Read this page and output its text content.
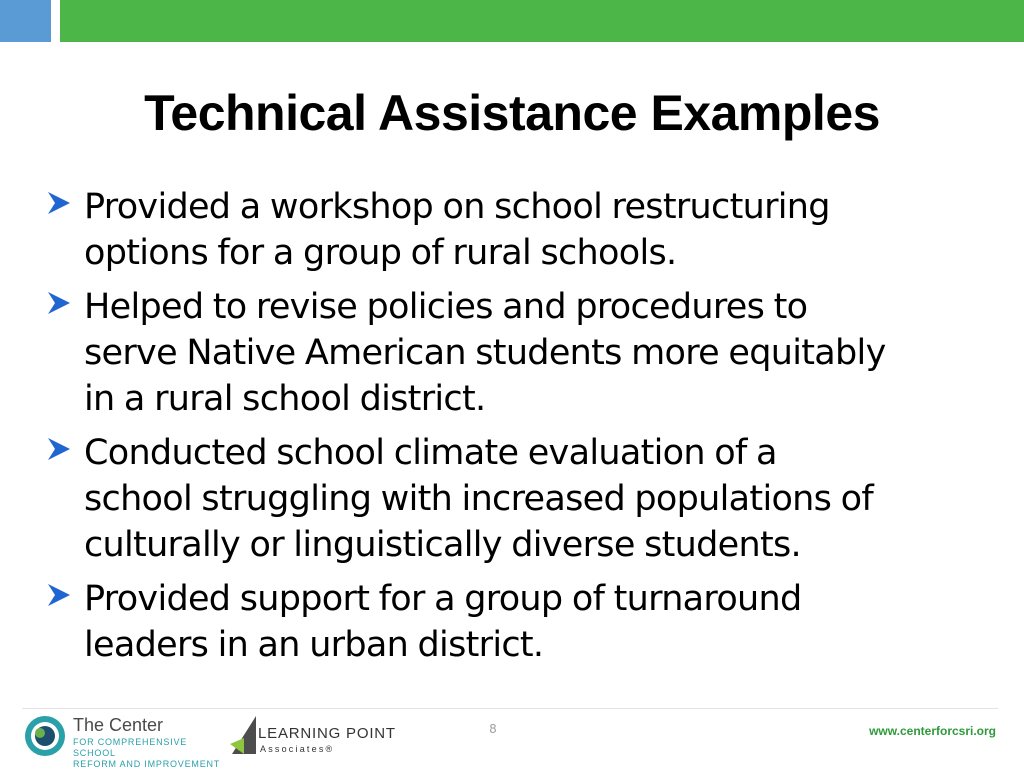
Technical Assistance Examples
Provided a workshop on school restructuring
options for a group of rural schools.
Helped to revise policies and procedures to
serve Native American students more equitably
in a rural school district.
Conducted school climate evaluation of a
school struggling with increased populations of
culturally or linguistically diverse students.
Provided support for a group of turnaround
leaders in an urban district.
The Center
FOR COMPREHENSIVE SCHOOL
REFORM AND IMPROVEMENT
LEARNING POINT
Associates®
8	www.centerforcsri.org
